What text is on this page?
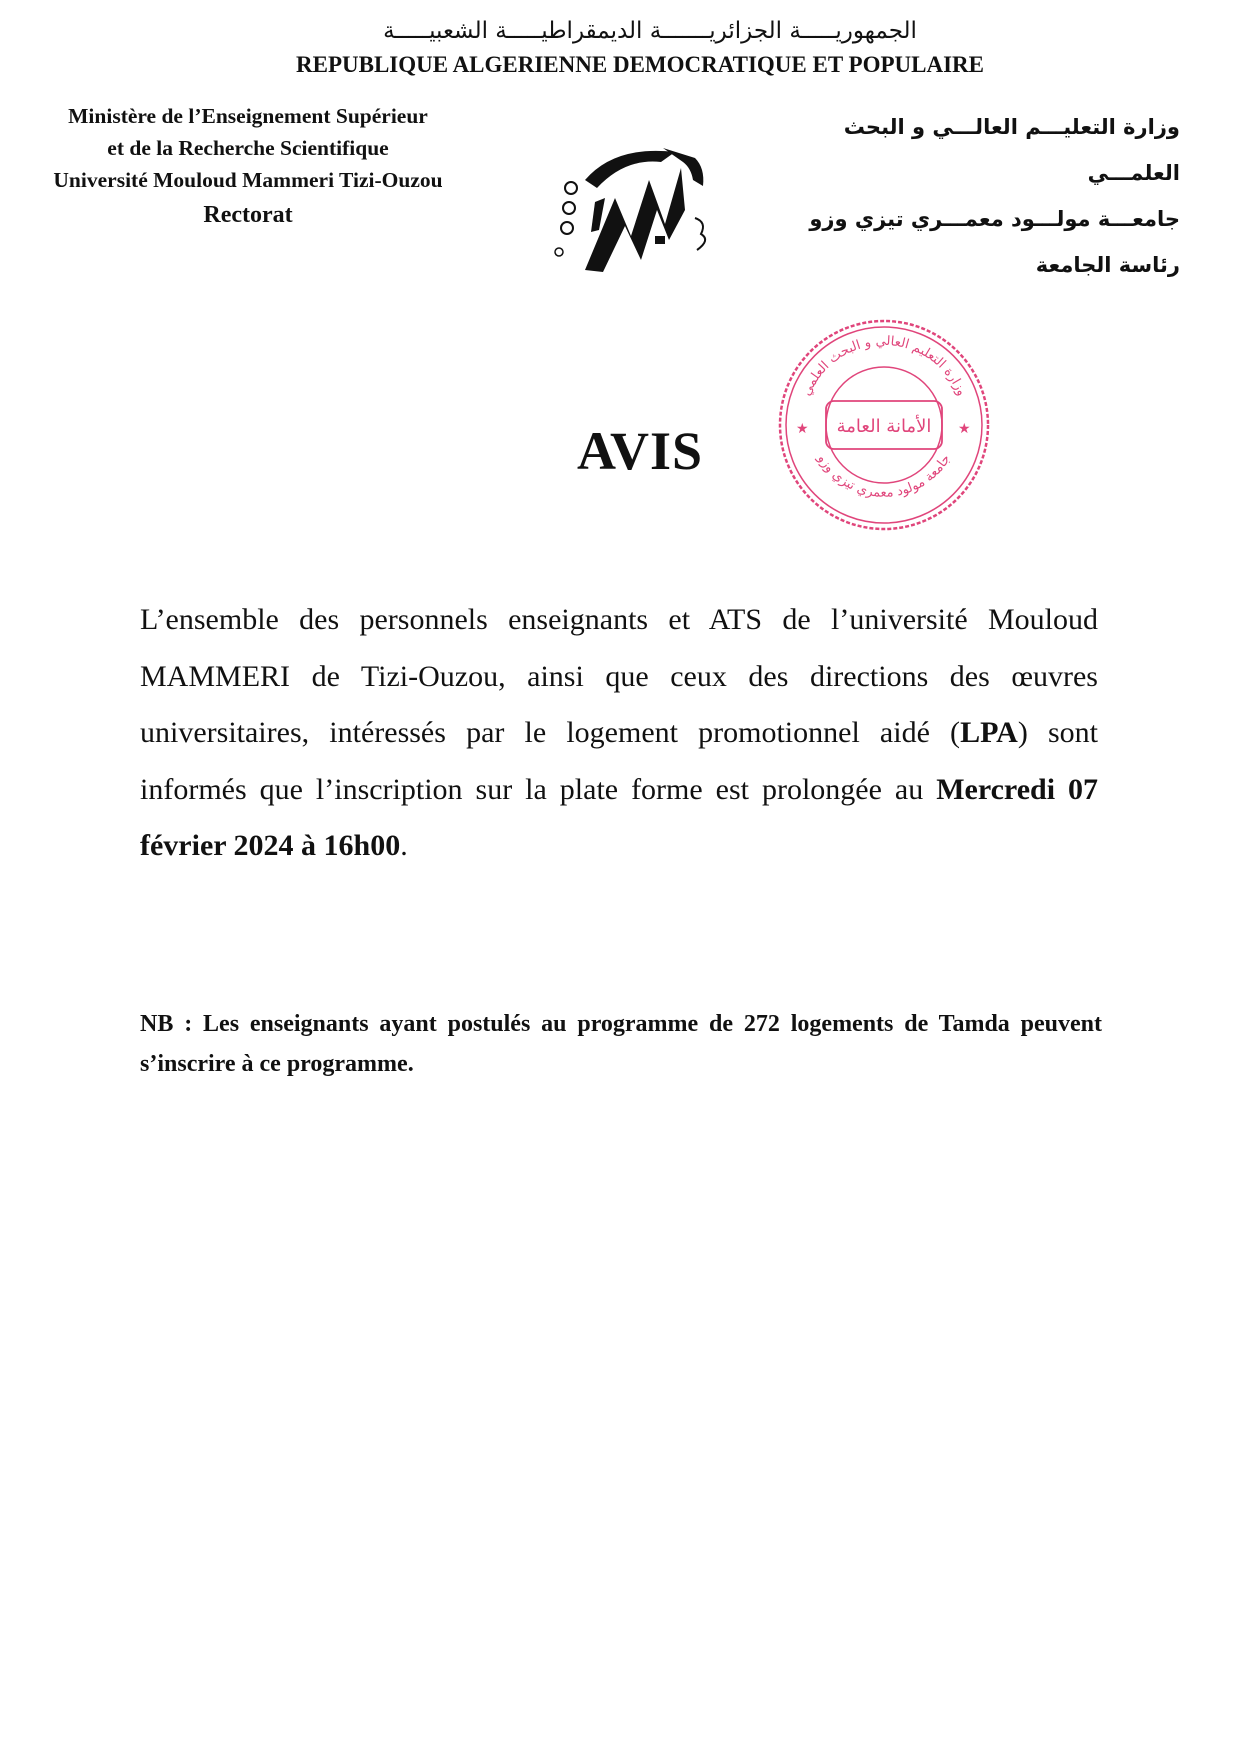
الجمهوريـــــة الجزائريـــــــة الديمقراطيـــــة الشعبيـــــة
REPUBLIQUE ALGERIENNE DEMOCRATIQUE ET POPULAIRE
Ministère de l’Enseignement Supérieur
et de la Recherche Scientifique
Université Mouloud Mammeri Tizi-Ouzou
Rectorat
وزارة التعليـــم العالـــي و البحث العلمـــي
جامعـــة مولـــود معمـــري تيزي وزو
رئاسة الجامعة
★	★
وزارة التعليم العالي و البحث العلمي
جامعة مولود معمري تيزي وزو
الأمانة العامة
AVIS

L’ensemble des personnels enseignants et ATS de l’université Mouloud MAMMERI de Tizi-Ouzou, ainsi que ceux des directions des œuvres universitaires, intéressés par le logement promotionnel aidé (LPA) sont informés que l’inscription sur la plate forme est prolongée au Mercredi 07 février 2024 à 16h00.

NB : Les enseignants ayant postulés au programme de 272 logements de Tamda peuvent s’inscrire à ce programme.
